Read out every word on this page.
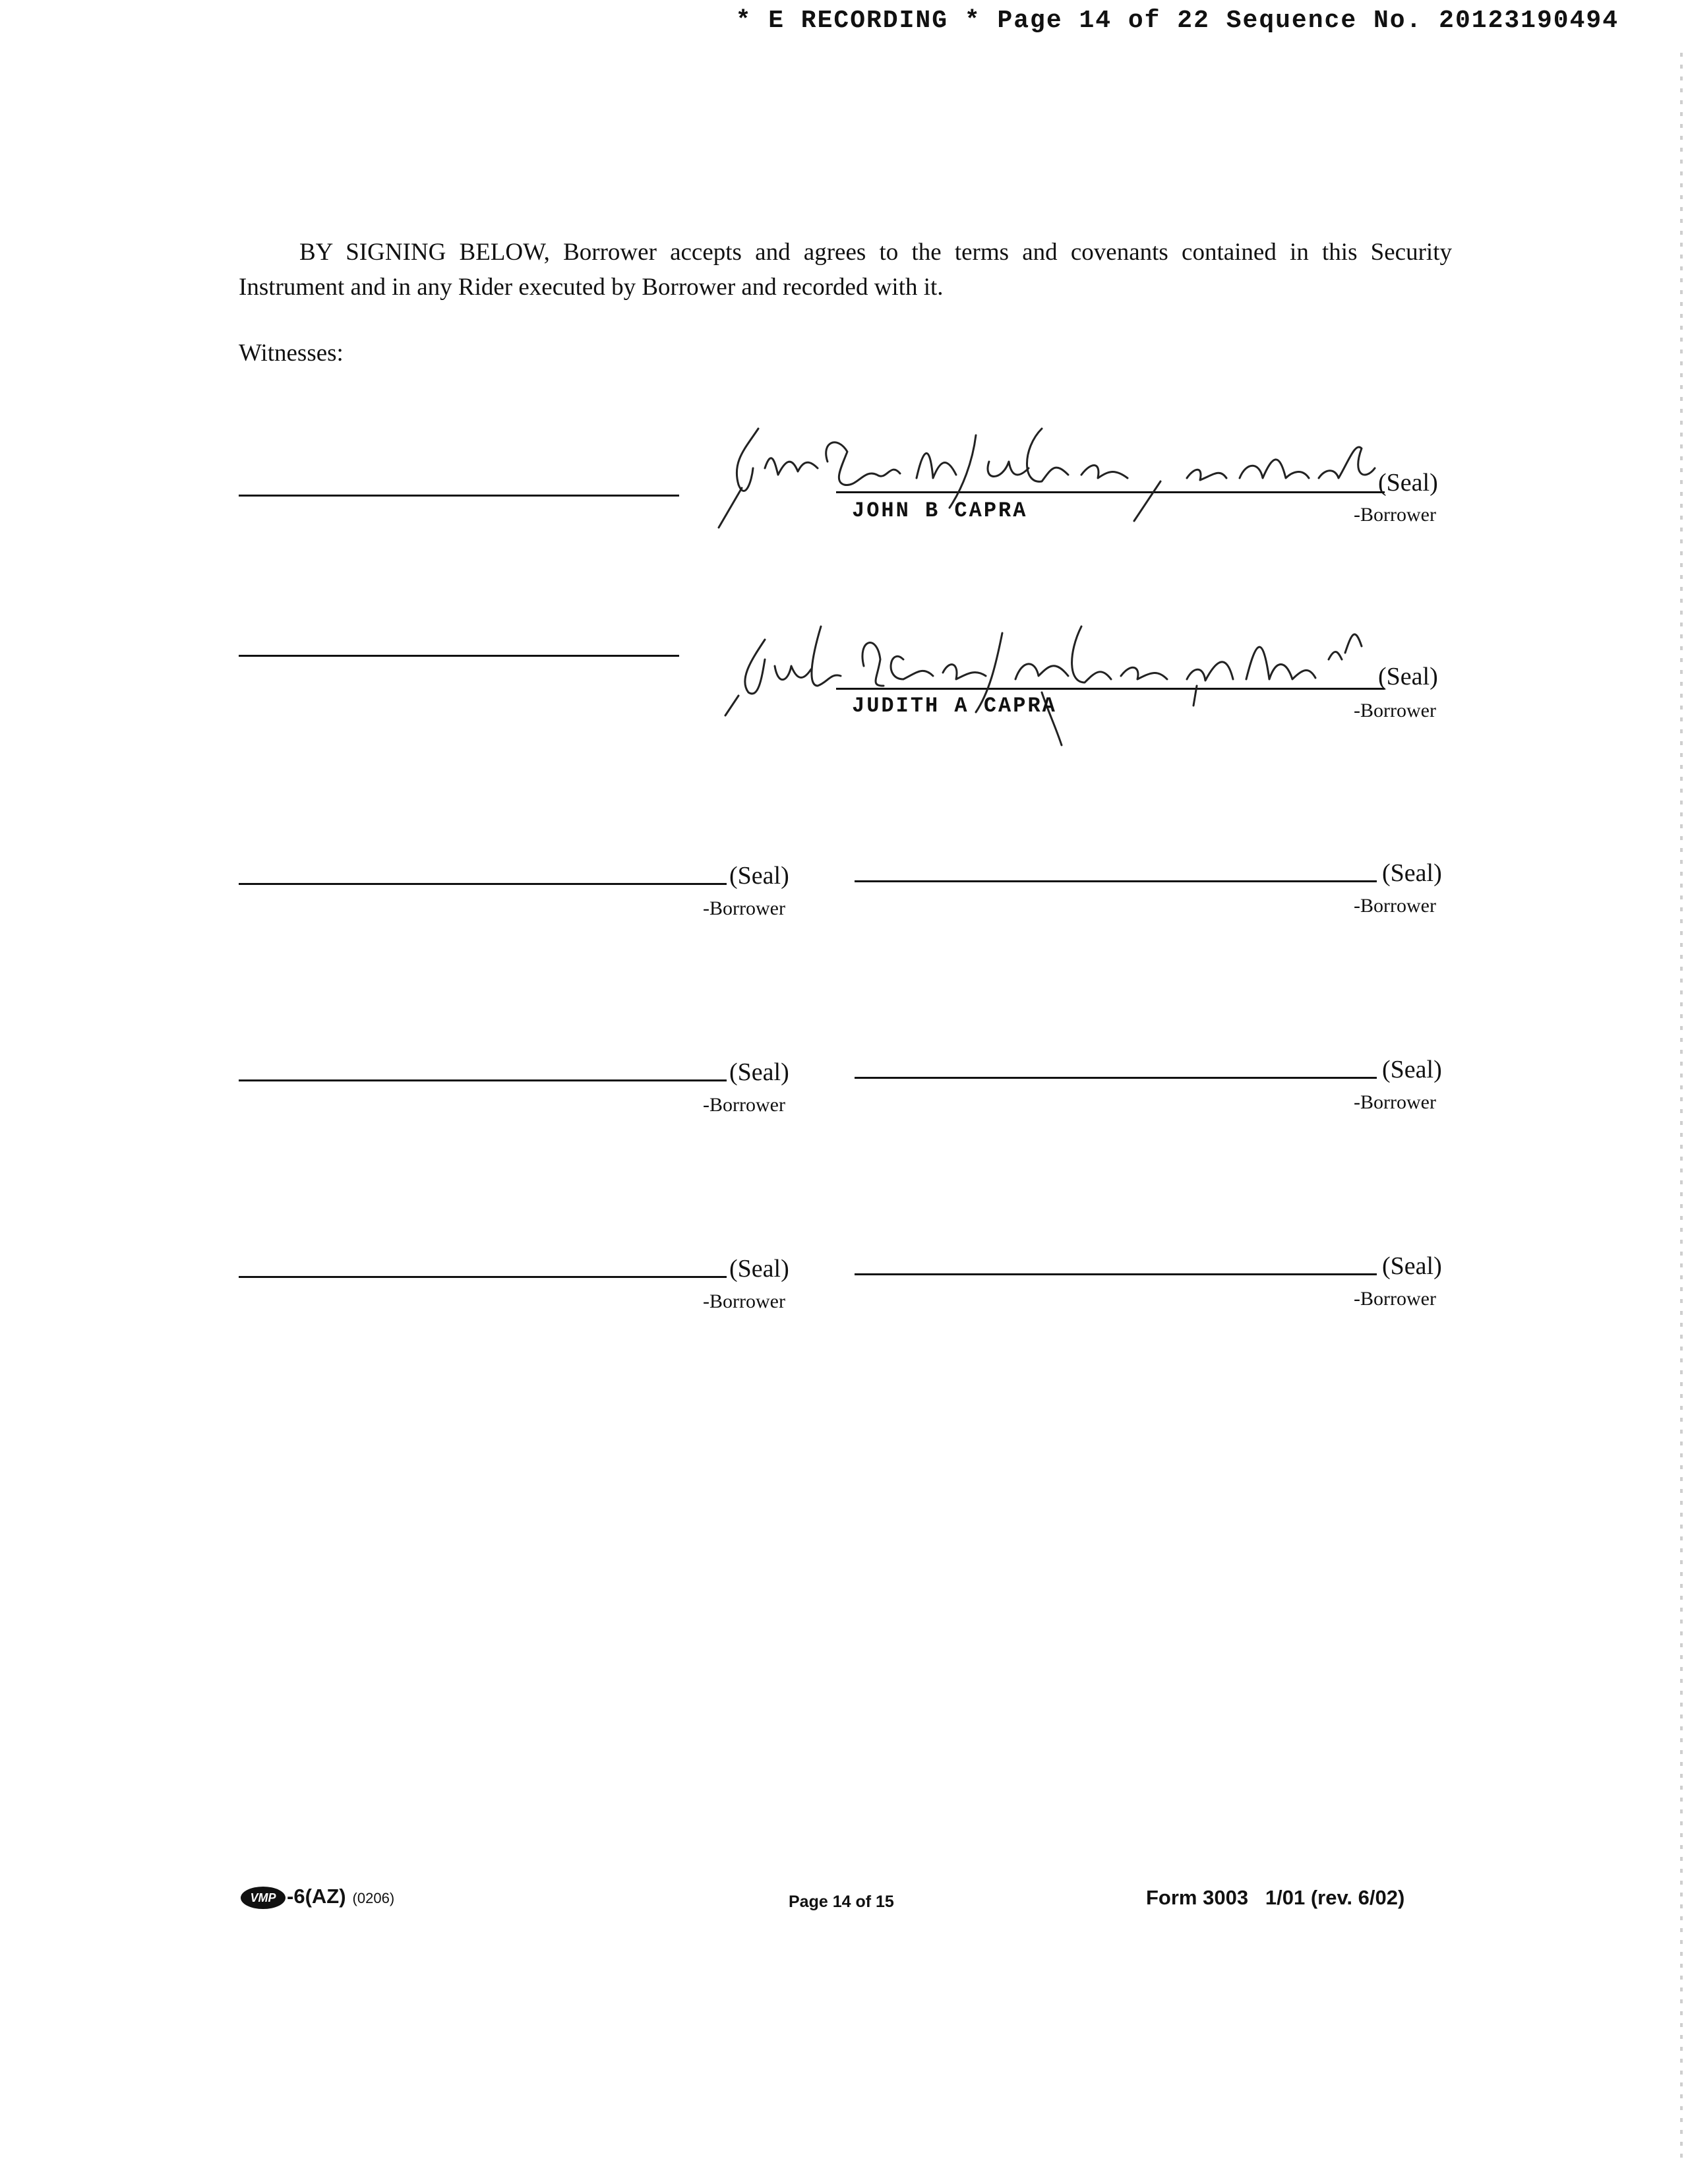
* E RECORDING * Page 14 of 22 Sequence No. 20123190494

BY SIGNING BELOW, Borrower accepts and agrees to the terms and covenants contained in this Security Instrument and in any Rider executed by Borrower and recorded with it.

Witnesses:
JOHN B CAPRA
(Seal)
-Borrower
JUDITH A CAPRA
(Seal)
-Borrower
(Seal)
-Borrower
(Seal)
-Borrower
(Seal)
-Borrower
(Seal)
-Borrower
(Seal)
-Borrower
(Seal)
-Borrower
VMP -6(AZ) (0206)	Page 14 of 15	Form 3003   1/01 (rev. 6/02)
